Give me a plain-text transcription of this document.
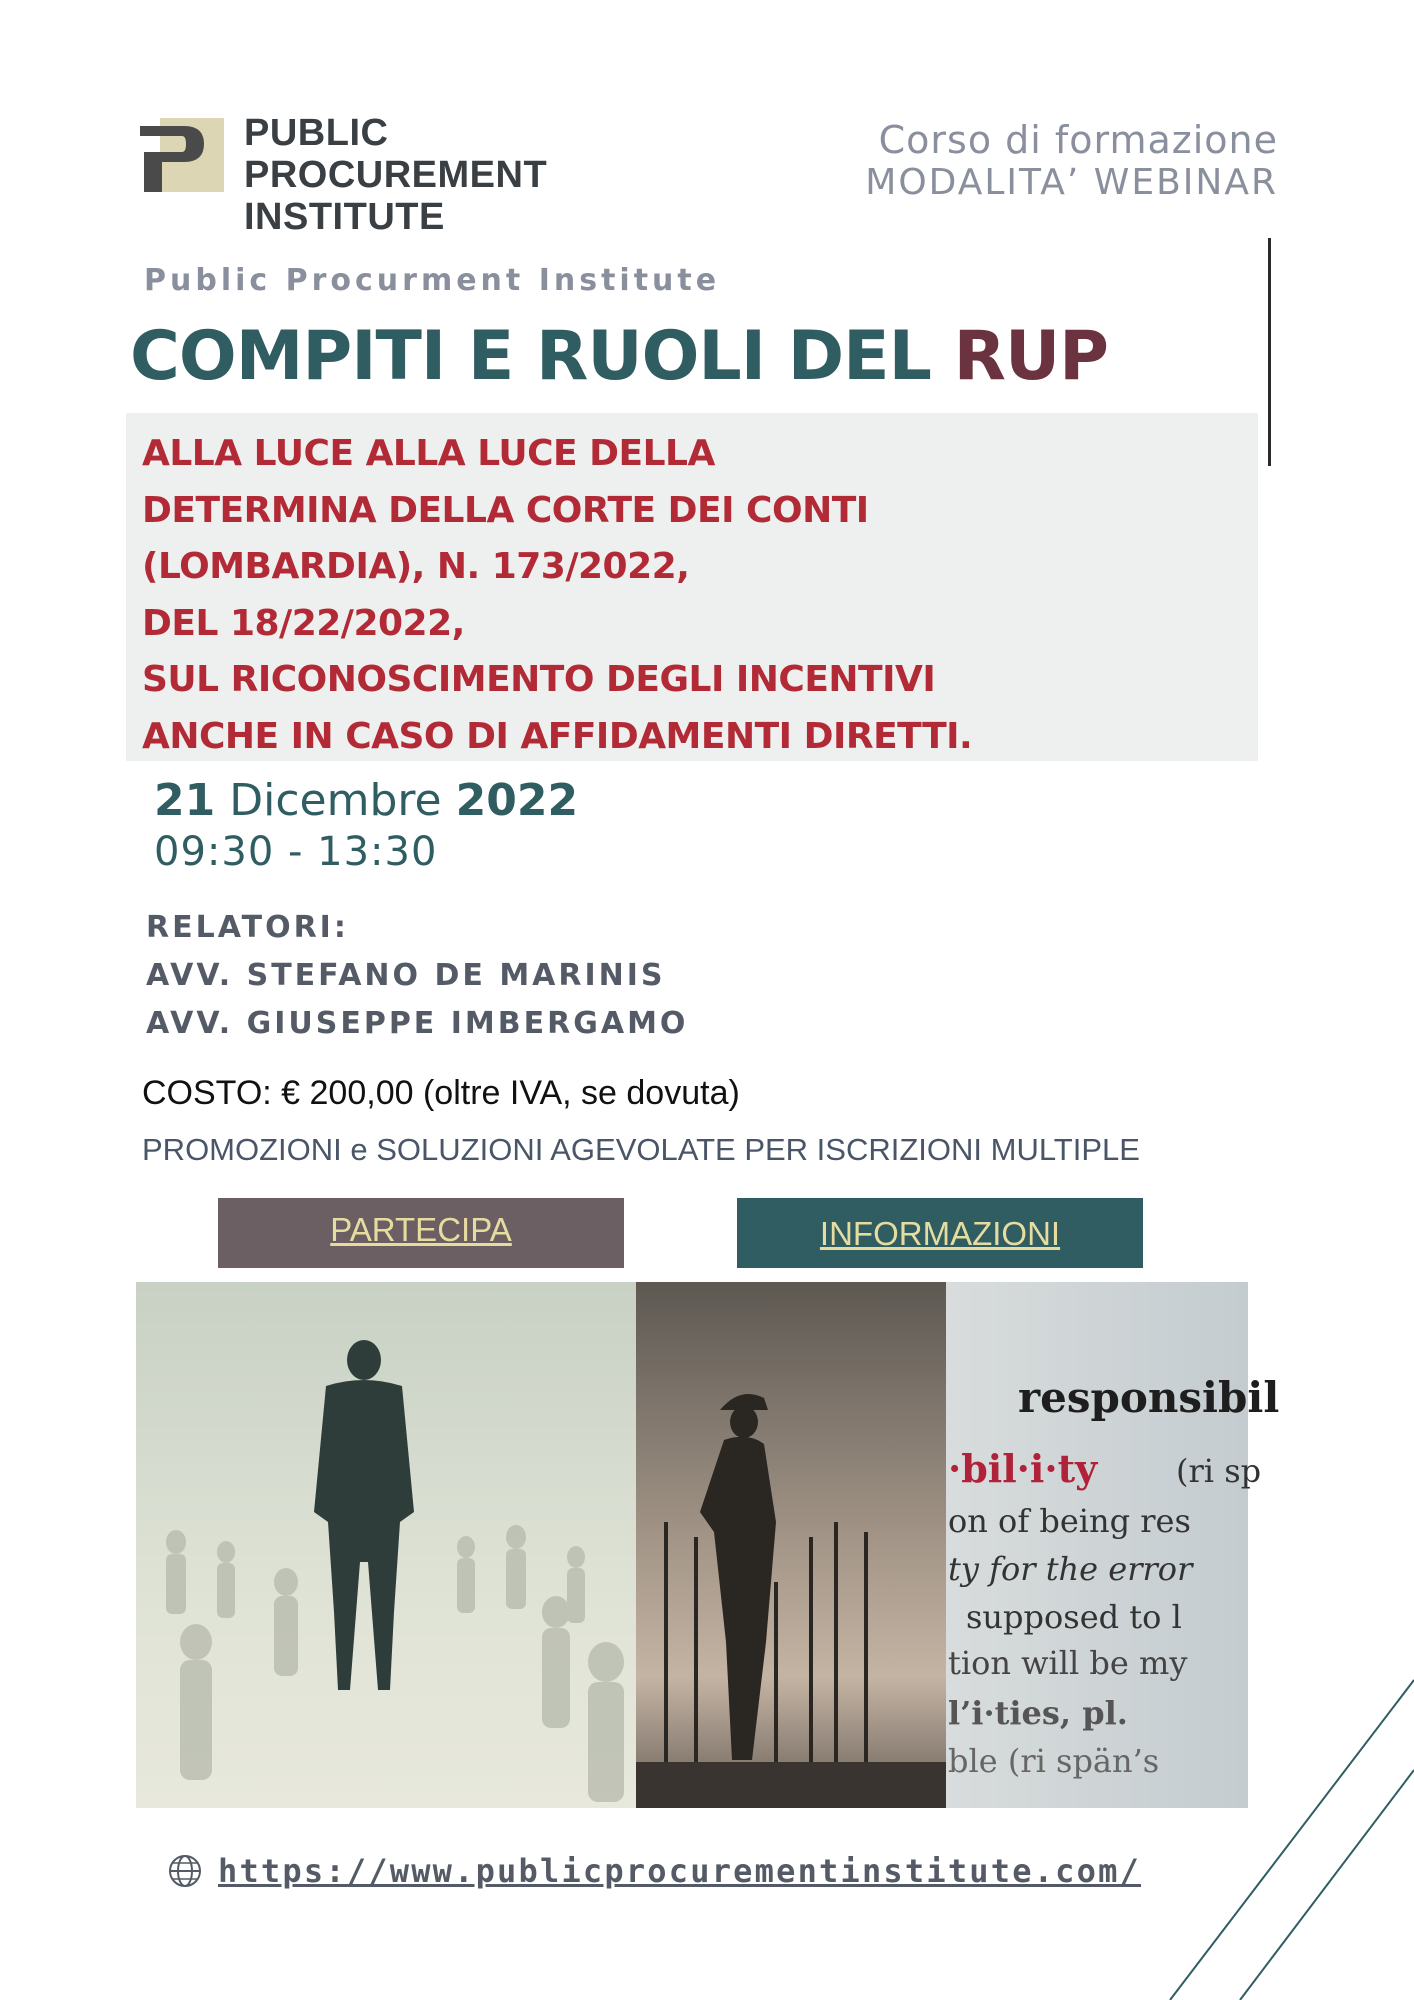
PUBLIC PROCUREMENT
INSTITUTE
Corso di formazione
MODALITA’ WEBINAR
Public Procurment Institute
COMPITI E RUOLI DEL RUP
ALLA LUCE ALLA LUCE DELLA
DETERMINA DELLA CORTE DEI CONTI
(LOMBARDIA), N. 173/2022,
DEL 18/22/2022,
SUL RICONOSCIMENTO DEGLI INCENTIVI
ANCHE IN CASO DI AFFIDAMENTI DIRETTI.
21 Dicembre 2022
09:30 - 13:30
RELATORI:
AVV. STEFANO DE MARINIS
AVV. GIUSEPPE IMBERGAMO
COSTO: € 200,00 (oltre IVA, se dovuta)
PROMOZIONI e SOLUZIONI AGEVOLATE PER ISCRIZIONI MULTIPLE
PARTECIPA	INFORMAZIONI
responsibil
·bil·i·ty (ri sp
on of being res
ty for the error
supposed to l
tion will be my
l’i·ties, pl.
ble (ri spän’s
https://www.publicprocurementinstitute.com/
